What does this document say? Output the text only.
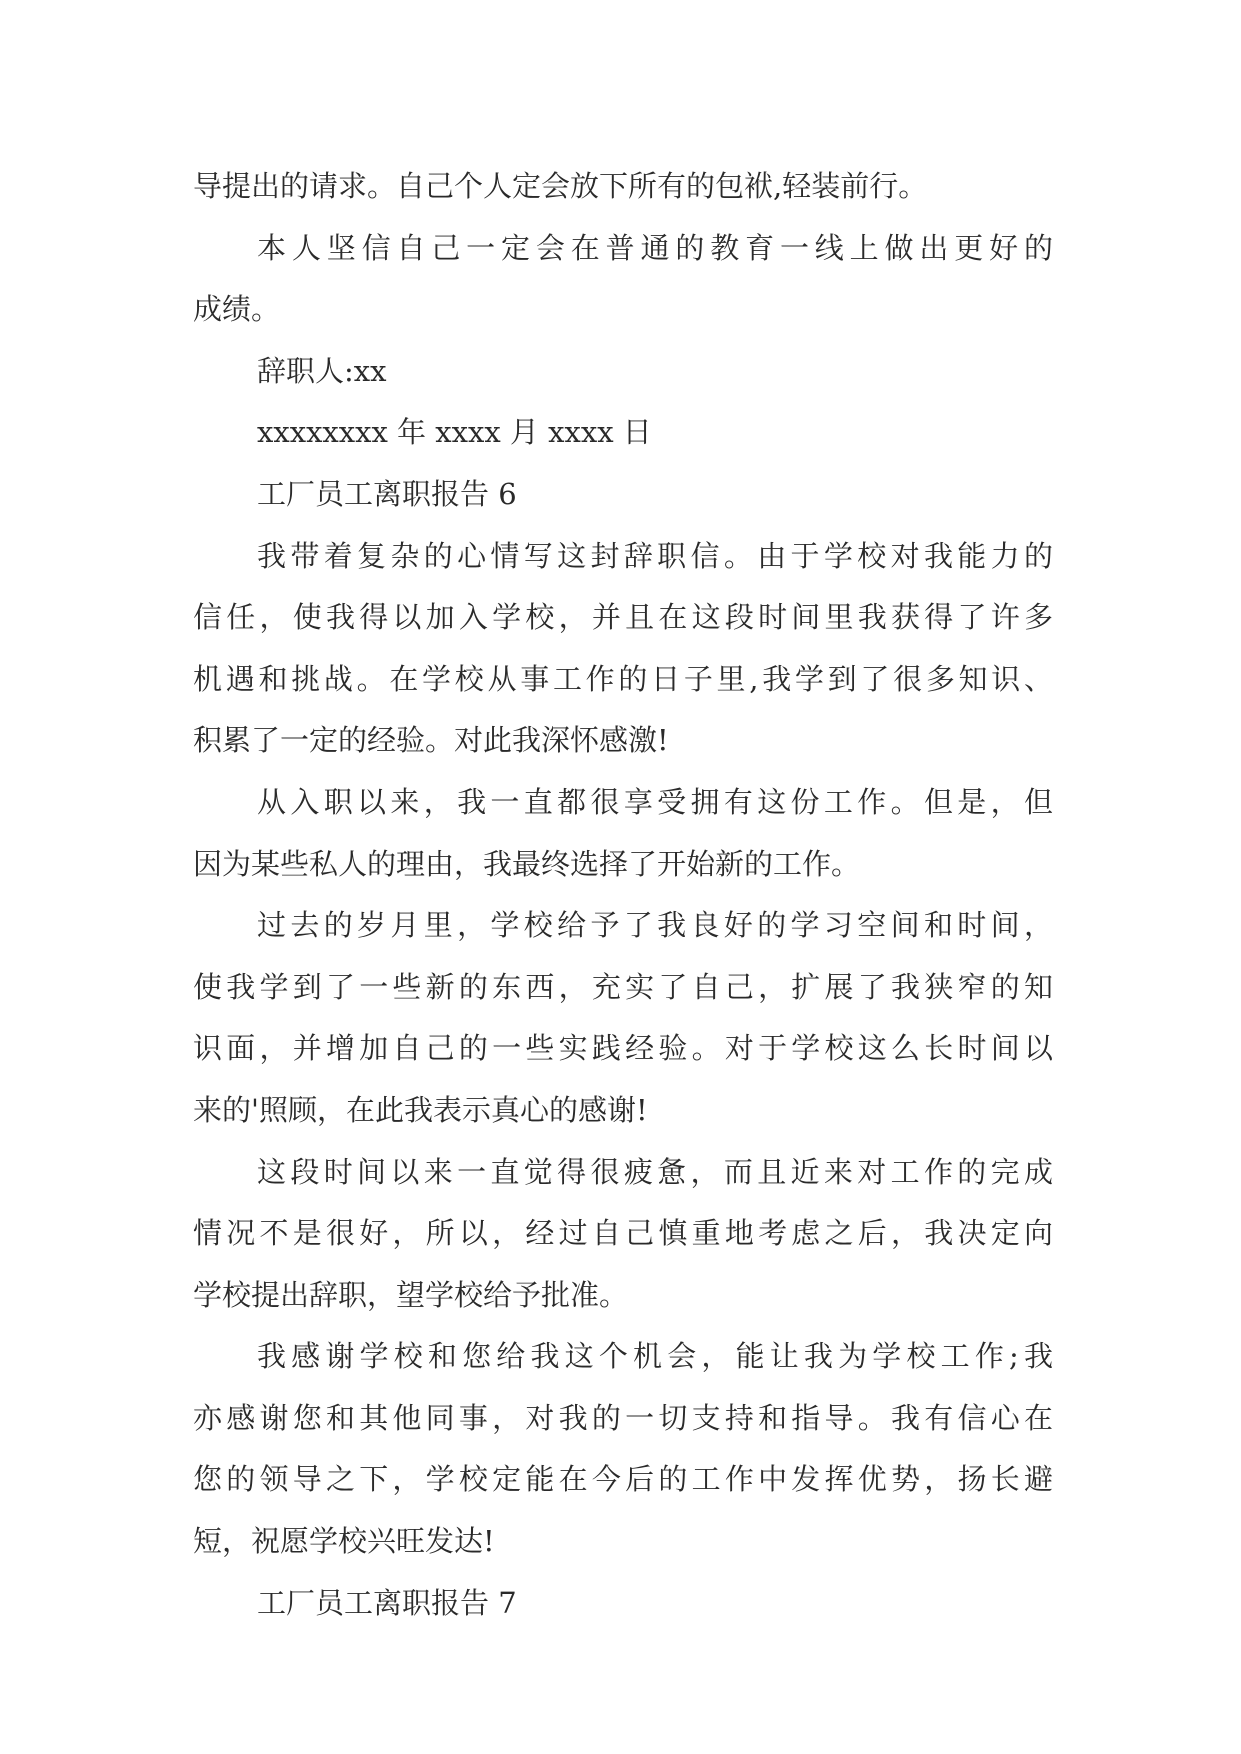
导提出的请求。自己个人定会放下所有的包袱,轻装前行。
本人坚信自己一定会在普通的教育一线上做出更好的
成绩。
辞职人:xx
xxxxxxxx 年 xxxx 月 xxxx 日
工厂员工离职报告 6
我带着复杂的心情写这封辞职信。由于学校对我能力的
信任，使我得以加入学校，并且在这段时间里我获得了许多
机遇和挑战。在学校从事工作的日子里,我学到了很多知识、
积累了一定的经验。对此我深怀感激!
从入职以来，我一直都很享受拥有这份工作。但是，但
因为某些私人的理由，我最终选择了开始新的工作。
过去的岁月里，学校给予了我良好的学习空间和时间，
使我学到了一些新的东西，充实了自己，扩展了我狭窄的知
识面，并增加自己的一些实践经验。对于学校这么长时间以
来的'照顾，在此我表示真心的感谢!
这段时间以来一直觉得很疲惫，而且近来对工作的完成
情况不是很好，所以，经过自己慎重地考虑之后，我决定向
学校提出辞职，望学校给予批准。
我感谢学校和您给我这个机会，能让我为学校工作;我
亦感谢您和其他同事，对我的一切支持和指导。我有信心在
您的领导之下，学校定能在今后的工作中发挥优势，扬长避
短，祝愿学校兴旺发达!
工厂员工离职报告 7
